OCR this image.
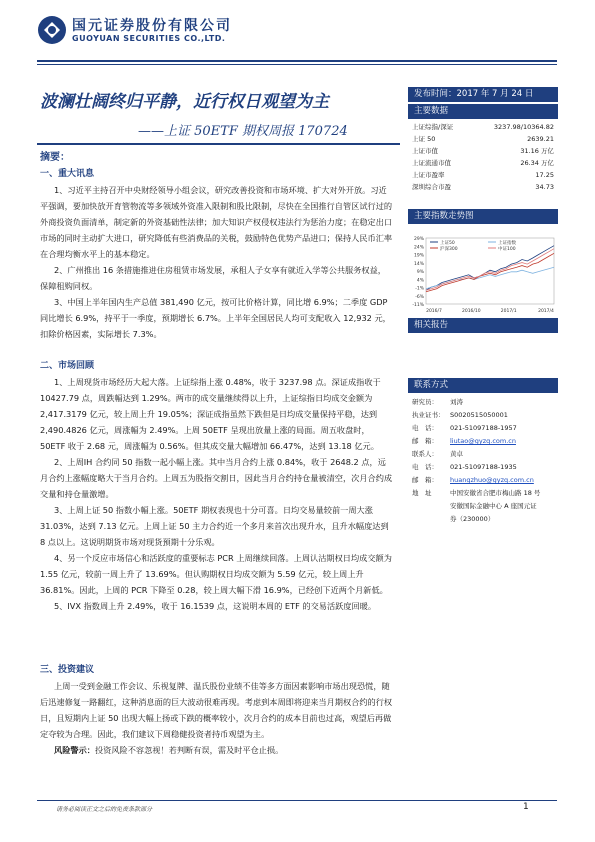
国元证券股份有限公司
GUOYUAN SECURITIES CO.,LTD.
波澜壮阔终归平静，近行权日观望为主
——上证 50ETF 期权周报 170724
摘要：
一、重大讯息

1、习近平主持召开中央财经领导小组会议，研究改善投资和市场环境、扩大对外开放。习近平强调，要加快放开育管物流等多领域外资准入限制和股比限制，尽快在全国推行自管区试行过的外商投资负面清单，制定新的外资基础性法律；加大知识产权侵权违法行为惩治力度；在稳定出口市场的同时主动扩大进口，研究降低有些消费品的关税，鼓励特色优势产品进口；保持人民币汇率在合理均衡水平上的基本稳定。

2、广州推出 16 条措施推进住房租赁市场发展，承租人子女享有就近入学等公共服务权益，保障租购同权。

3、中国上半年国内生产总值 381,490 亿元，按可比价格计算，同比增 6.9%；二季度 GDP 同比增长 6.9%，持平于一季度，预期增长 6.7%。上半年全国居民人均可支配收入 12,932 元，扣除价格因素，实际增长 7.3%。

二、市场回顾

1、上周现货市场经历大起大落。上证综指上涨 0.48%，收于 3237.98 点。深证成指收于 10427.79 点，周跌幅达到 1.29%。两市的成交量继续得以上升，上证综指日均成交金额为 2,417.3179 亿元，较上周上升 19.05%；深证成指虽然下跌但是日均成交量保持平稳，达到 2,490.4826 亿元，周涨幅为 2.49%。上周 50ETF 呈现出放量上涨的局面。周五收盘时，50ETF 收于 2.68 元，周涨幅为 0.56%。但其成交量大幅增加 66.47%，达到 13.18 亿元。

2、上周IH 合约同 50 指数一起小幅上涨。其中当月合约上涨 0.84%，收于 2648.2 点，远月合约上涨幅度略大于当月合约。上周五为股指交割日，因此当月合约持仓量被清空，次月合约成交量和持仓量激增。

3、上周上证 50 指数小幅上涨。50ETF 期权表现也十分可喜。日均交易量较前一周大涨 31.03%，达到 7.13 亿元。上周上证 50 主力合约近一个多月来首次出现升水，且升水幅度达到 8 点以上。这说明期货市场对现货預期十分乐观。

4、另一个反应市场信心和活跃度的重要标志 PCR 上周继续回落。上周认沽期权日均成交额为 1.55 亿元，较前一周上升了 13.69%。但认购期权日均成交额为 5.59 亿元，较上周上升 36.81%。因此，上周的 PCR 下降至 0.28，较上周大幅下滑 16.9%，已经创下近两个月新低。

5、IVX 指数周上升 2.49%，收于 16.1539 点，这说明本周的 ETF 的交易活跃度回暖。

三、投资建议

上周一受到金融工作会议、乐视复牌、温氏股份业绩不佳等多方面因素影响市场出现恐慌，随后迅速修复一路翻红，这种消息面的巨大波动很难再现。考虑到本周即将迎来当月期权合约的行权日，且短期内上证 50 出现大幅上扬或下跌的概率较小，次月合约的成本目前也过高，观望后再做定夺较为合理。因此，我们建议下周稳健投资者持币观望为主。

风险警示：投资风险不容忽视！若判断有误，需及时平仓止损。

发布时间：2017 年 7 月 24 日
主要数据
上证综指/深证	3237.98/10364.82
上证 50	2639.21
上证市值	31.16 万亿
上证流通市值	26.34 万亿
上证市盈率	17.25
深圳综合市盈	34.73
主要指数走势图
29%
24%
19%
14%
9%
4%
-1%
-6%
-11%
2016/7	2016/10	2017/1	2017/4
上证50	上证指数
沪深300	中证100
相关报告
联系方式
研究员：	刘涛
执业证书： S0020515050001
电　话：	021-51097188-1957
邮　箱：	liutao@gyzq.com.cn
联系人：	黄卓
电　话：	021-51097188-1935
邮　箱：	huangzhuo@gyzq.com.cn
地　址	中国安徽省合肥市梅山路 18 号
安徽国际金融中心 A 座国元证
券（230000）
请务必阅读正文之后的免责条款部分	1
